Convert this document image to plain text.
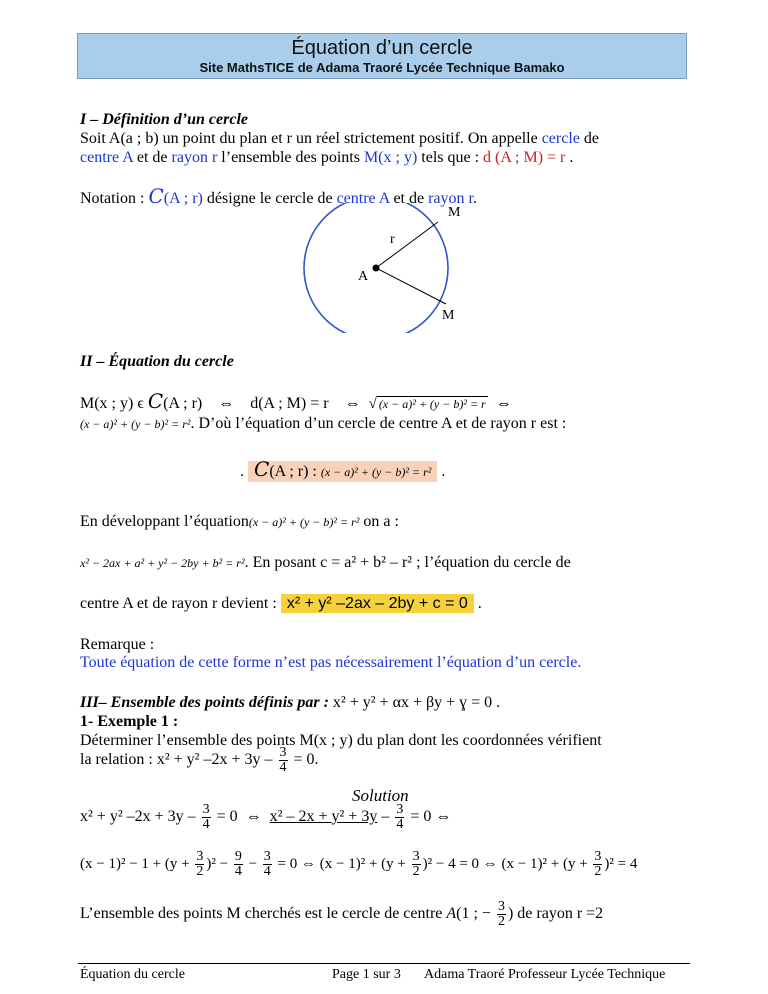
Équation d’un cercle
Site MathsTICE de Adama Traoré Lycée Technique Bamako
I – Définition d’un cercle
Soit A(a ; b) un point du plan et r un réel strictement positif. On appelle cercle de
centre A et de rayon r l’ensemble des points M(x ; y) tels que : d (A ; M) = r .
Notation : C(A ; r) désigne le cercle de centre A et de rayon r.
M
r
A
M
II – Équation du cercle
M(x ; y) ϵ C(A ; r)    ⇔    d(A ; M) = r    ⇔ √ (x − a)² + (y − b)² = r ⇔
(x − a)² + (y − b)² = r². D’où l’équation d’un cercle de centre A et de rayon r est :
. C(A ; r) : (x − a)² + (y − b)² = r² .
En développant l’équation(x − a)² + (y − b)² = r² on a :
x² − 2ax + a² + y² − 2by + b² = r². En posant c = a² + b² – r² ; l’équation du cercle de
centre A et de rayon r devient : x² + y² –2ax – 2by + c = 0 .
Remarque :
Toute équation de cette forme n’est pas nécessairement l’équation d’un cercle.
III– Ensemble des points définis par : x² + y² + αx + βy + ɣ = 0 .
1- Exemple 1 :
Déterminer l’ensemble des points M(x ; y) du plan dont les coordonnées vérifient
la relation : x² + y² $-2x + 3y - \frac{3}{4} = 0$.
Solution
x² + y² $-2x + 3y - \frac{3}{4} = 0$  ⇔  $x^2 - 2x + y^2 + 3y - \frac{3}{4} = 0$ ⇔
$(x - 1)^2 - 1 + (y + \frac{3}{2} )^2 - \frac{9}{4} - \frac{3}{4} = 0$ ⇔ $(x - 1)^2 + (y + \frac{3}{2} )^2 - 4 = 0$ ⇔ $(x - 1)^2 + (y + \frac{3}{2} )^2 = 4$
L’ensemble des points M cherchés est le cercle de centre A(1 ; − $\frac{3}{2}$ ) de rayon r =2
Équation du cercle	Page 1 sur 3 Adama Traoré Professeur Lycée Technique
